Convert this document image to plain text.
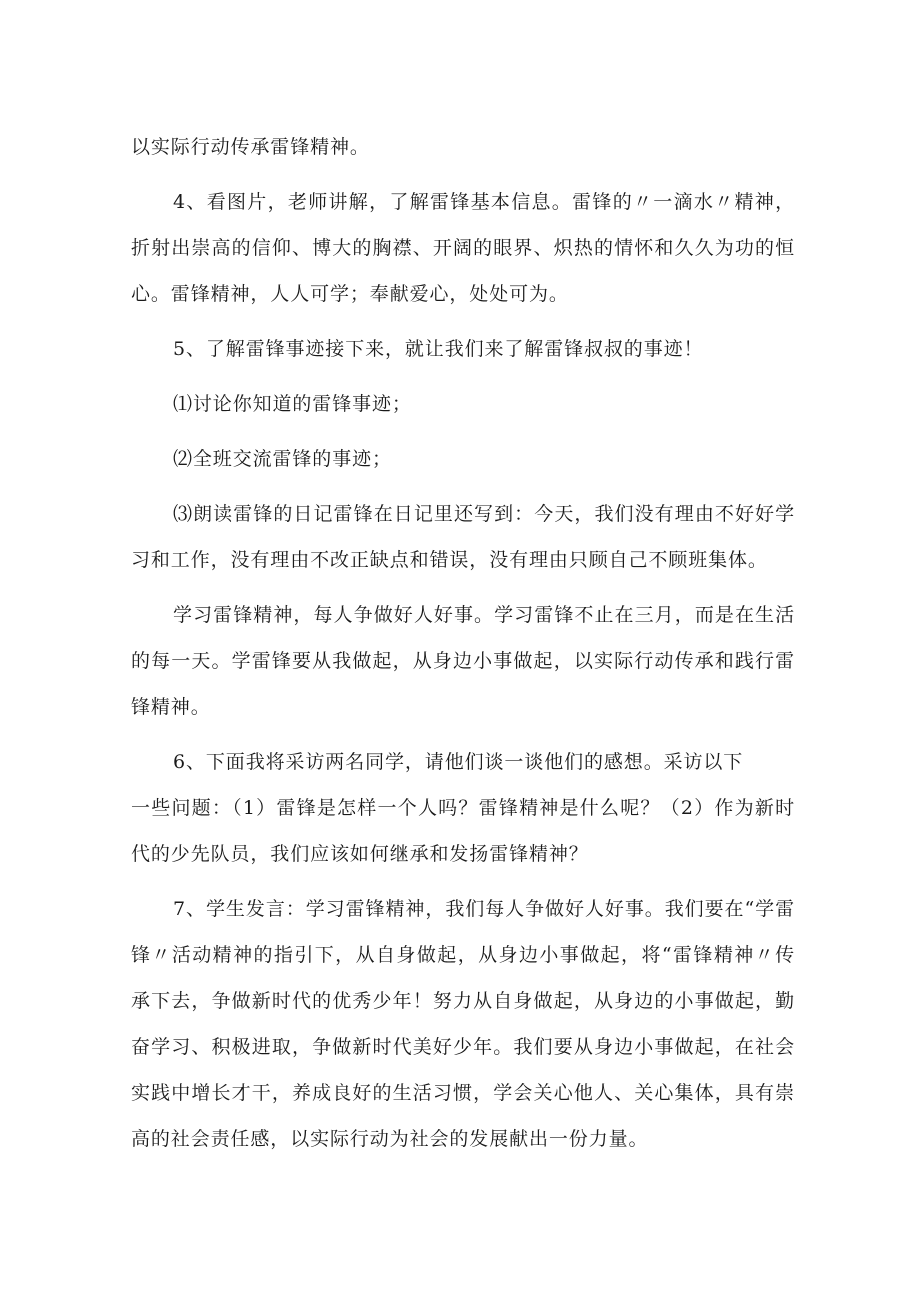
以实际行动传承雷锋精神。

4、看图片，老师讲解，了解雷锋基本信息。雷锋的〃一滴水〃精神，折射出崇高的信仰、博大的胸襟、开阔的眼界、炽热的情怀和久久为功的恒心。雷锋精神，人人可学；奉献爱心，处处可为。

5、了解雷锋事迹接下来，就让我们来了解雷锋叔叔的事迹！

⑴讨论你知道的雷锋事迹；

⑵全班交流雷锋的事迹；

⑶朗读雷锋的日记雷锋在日记里还写到：今天，我们没有理由不好好学习和工作，没有理由不改正缺点和错误，没有理由只顾自己不顾班集体。

学习雷锋精神，每人争做好人好事。学习雷锋不止在三月，而是在生活的每一天。学雷锋要从我做起，从身边小事做起，以实际行动传承和践行雷锋精神。

6、下面我将采访两名同学，请他们谈一谈他们的感想。采访以下

一些问题：（1）雷锋是怎样一个人吗？雷锋精神是什么呢？（2）作为新时代的少先队员，我们应该如何继承和发扬雷锋精神？

7、学生发言：学习雷锋精神，我们每人争做好人好事。我们要在“学雷锋〃活动精神的指引下，从自身做起，从身边小事做起，将“雷锋精神〃传承下去，争做新时代的优秀少年！努力从自身做起，从身边的小事做起，勤奋学习、积极进取，争做新时代美好少年。我们要从身边小事做起，在社会实践中增长才干，养成良好的生活习惯，学会关心他人、关心集体，具有崇高的社会责任感，以实际行动为社会的发展献出一份力量。
